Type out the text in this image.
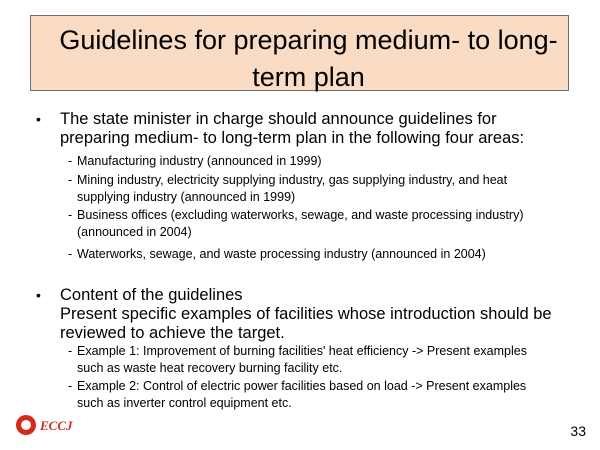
Guidelines for preparing medium- to long-
term plan
• The state minister in charge should announce guidelines for
preparing medium- to long-term plan in the following four areas:
- Manufacturing industry (announced in 1999)
- Mining industry, electricity supplying industry, gas supplying industry, and heat
supplying industry (announced in 1999)
- Business offices (excluding waterworks, sewage, and waste processing industry)
(announced in 2004)
- Waterworks, sewage, and waste processing industry (announced in 2004)
• Content of the guidelines
Present specific examples of facilities whose introduction should be
reviewed to achieve the target.
- Example 1: Improvement of burning facilities' heat efficiency -> Present examples
such as waste heat recovery burning facility etc.
- Example 2: Control of electric power facilities based on load -> Present examples
such as inverter control equipment etc.
ECCJ	33
